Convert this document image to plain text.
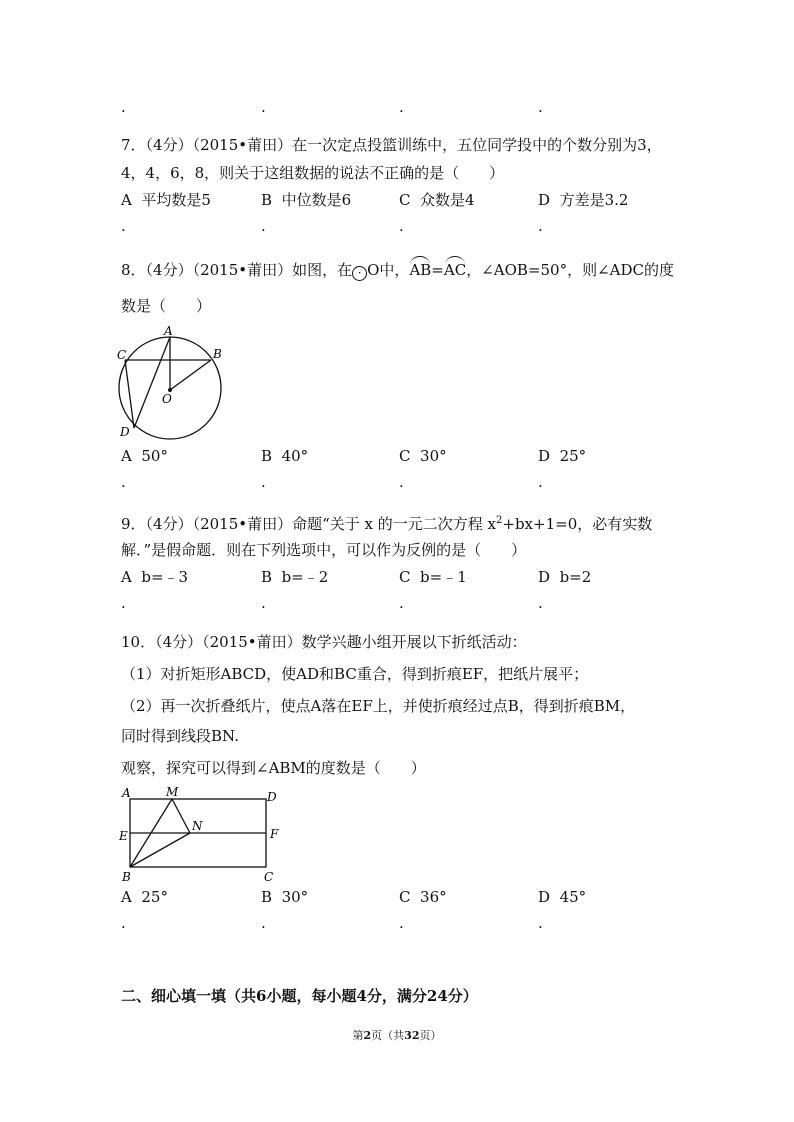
.	.	.	.
7．（4分）（2015•莆田）在一次定点投篮训练中，五位同学投中的个数分别为3，
4，4，6，8，则关于这组数据的说法不正确的是（　　）
A 平均数是5	B 中位数是6	C 众数是4	D 方差是3.2
.	.	.	.
8．（4分）（2015•莆田）如图，在 · O中，AB=AC，∠AOB=50°，则∠ADC的度
数是（　　）
A
B
C
D
O
A 50°	B 40°	C 30°	D 25°
.	.	.	.
9．（4分）（2015•莆田）命题“关于 x 的一元二次方程 $x^2+bx+1=0$，必有实数
解．”是假命题．则在下列选项中，可以作为反例的是（　　）
A b=﹣3	B b=﹣2	C b=﹣1	D b=2
.	.	.	.
10．（4分）（2015•莆田）数学兴趣小组开展以下折纸活动：
（1）对折矩形ABCD，使AD和BC重合，得到折痕EF，把纸片展平；
（2）再一次折叠纸片，使点A落在EF上，并使折痕经过点B，得到折痕BM，
同时得到线段BN.
观察，探究可以得到∠ABM的度数是（　　）
A	M	D
E
N
F
B	C
A 25°	B 30°	C 36°	D 45°
.	.	.	.
二、细心填一填（共6小题，每小题4分，满分24分）
第2页（共32页）
